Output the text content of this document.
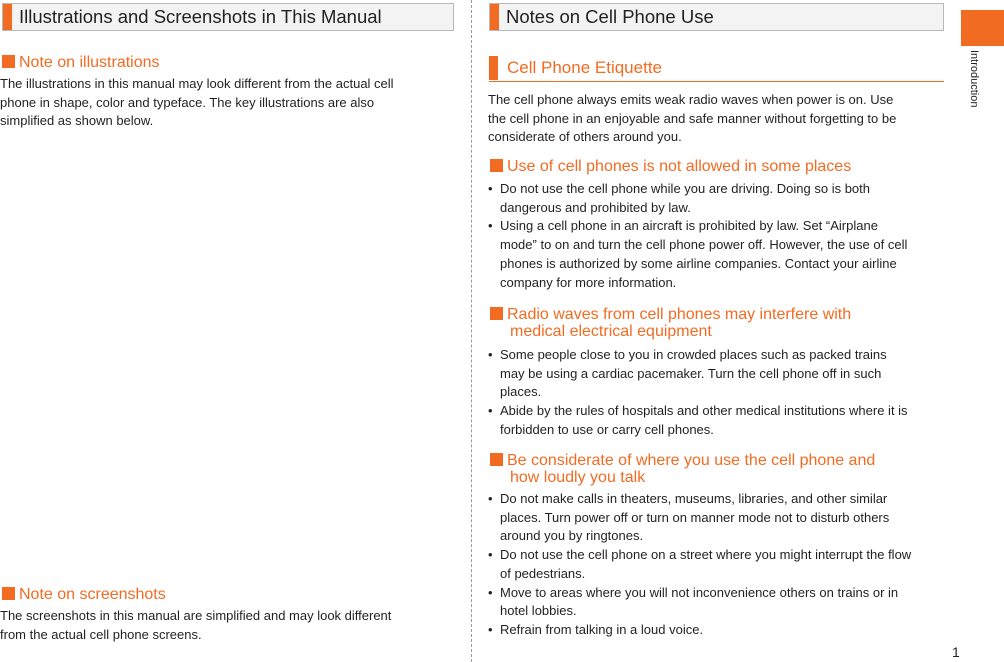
Illustrations and Screenshots in This Manual
Note on illustrations

The illustrations in this manual may look different from the actual cell phone in shape, color and typeface. The key illustrations are also simplified as shown below.

Note on screenshots

The screenshots in this manual are simplified and may look different from the actual cell phone screens.

Notes on Cell Phone Use
Cell Phone Etiquette

The cell phone always emits weak radio waves when power is on. Use the cell phone in an enjoyable and safe manner without forgetting to be considerate of others around you.

Use of cell phones is not allowed in some places
• Do not use the cell phone while you are driving. Doing so is both dangerous and prohibited by law.
• Using a cell phone in an aircraft is prohibited by law. Set “Airplane mode” to on and turn the cell phone power off. However, the use of cell phones is authorized by some airline companies. Contact your airline company for more information.
Radio waves from cell phones may interfere with
medical electrical equipment
• Some people close to you in crowded places such as packed trains may be using a cardiac pacemaker. Turn the cell phone off in such places.
• Abide by the rules of hospitals and other medical institutions where it is forbidden to use or carry cell phones.
Be considerate of where you use the cell phone and
how loudly you talk
• Do not make calls in theaters, museums, libraries, and other similar places. Turn power off or turn on manner mode not to disturb others around you by ringtones.
• Do not use the cell phone on a street where you might interrupt the flow of pedestrians.
• Move to areas where you will not inconvenience others on trains or in hotel lobbies.
• Refrain from talking in a loud voice.
Introduction
1
